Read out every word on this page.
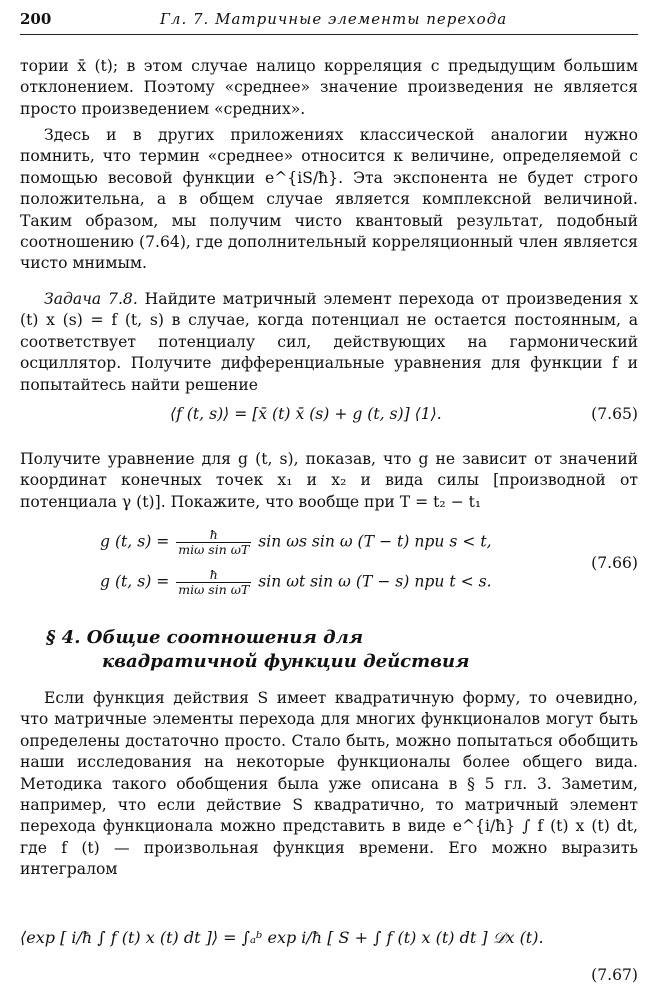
200	Гл. 7. Матричные элементы перехода
тории x̄ (t); в этом случае налицо корреляция с предыдущим большим отклонением. Поэтому «среднее» значение произведения не является просто произведением «средних».
Здесь и в других приложениях классической аналогии нужно помнить, что термин «среднее» относится к величине, определяемой с помощью весовой функции e^{iS/ħ}. Эта экспонента не будет строго положительна, а в общем случае является комплексной величиной. Таким образом, мы получим чисто квантовый результат, подобный соотношению (7.64), где дополнительный корреляционный член является чисто мнимым.
Задача 7.8. Найдите матричный элемент перехода от произведения x (t) x (s) = f (t, s) в случае, когда потенциал не остается постоянным, а соответствует потенциалу сил, действующих на гармонический осциллятор. Получите дифференциальные уравнения для функции f и попытайтесь найти решение
⟨f (t, s)⟩ = [x̄ (t) x̄ (s) + g (t, s)] ⟨1⟩.	(7.65)
Получите уравнение для g (t, s), показав, что g не зависит от значений координат конечных точек x₁ и x₂ и вида силы [производной от потенциала γ (t)]. Покажите, что вообще при T = t₂ − t₁
g (t, $s) = \frac{ħ}{\text{miω sin ωT}}$ sin ωs sin ω (T − t) при s < t,
g (t, $s) = \frac{ħ}{\text{miω sin ωT}}$ sin ωt sin ω (T − s) при t < s.
(7.66)
§ 4. Общие соотношения для
квадратичной функции действия
Если функция действия S имеет квадратичную форму, то очевидно, что матричные элементы перехода для многих функционалов могут быть определены достаточно просто. Стало быть, можно попытаться обобщить наши исследования на некоторые функционалы более общего вида. Методика такого обобщения была уже описана в § 5 гл. 3. Заметим, например, что если действие S квадратично, то матричный элемент перехода функционала можно представить в виде e^{i/ħ} ∫ f (t) x (t) dt, где f (t) — произвольная функция времени. Его можно выразить интегралом
⟨exp [ i/ħ ∫ f (t) x (t) dt ]⟩ = ∫ₐᵇ exp i/ħ [ S + ∫ f (t) x (t) dt ] 𝒟x (t).
(7.67)
